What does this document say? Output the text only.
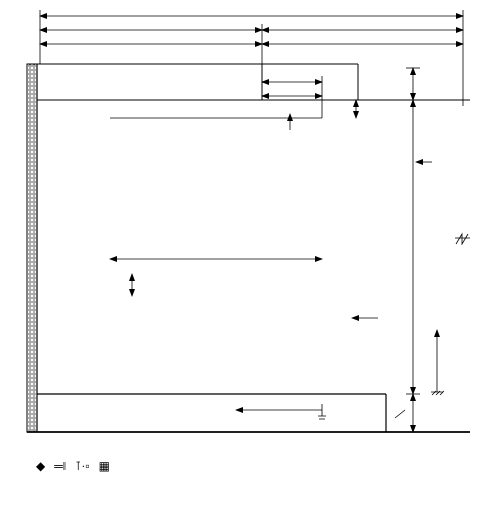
◆ ═‖ ⊺·▫ ▦
